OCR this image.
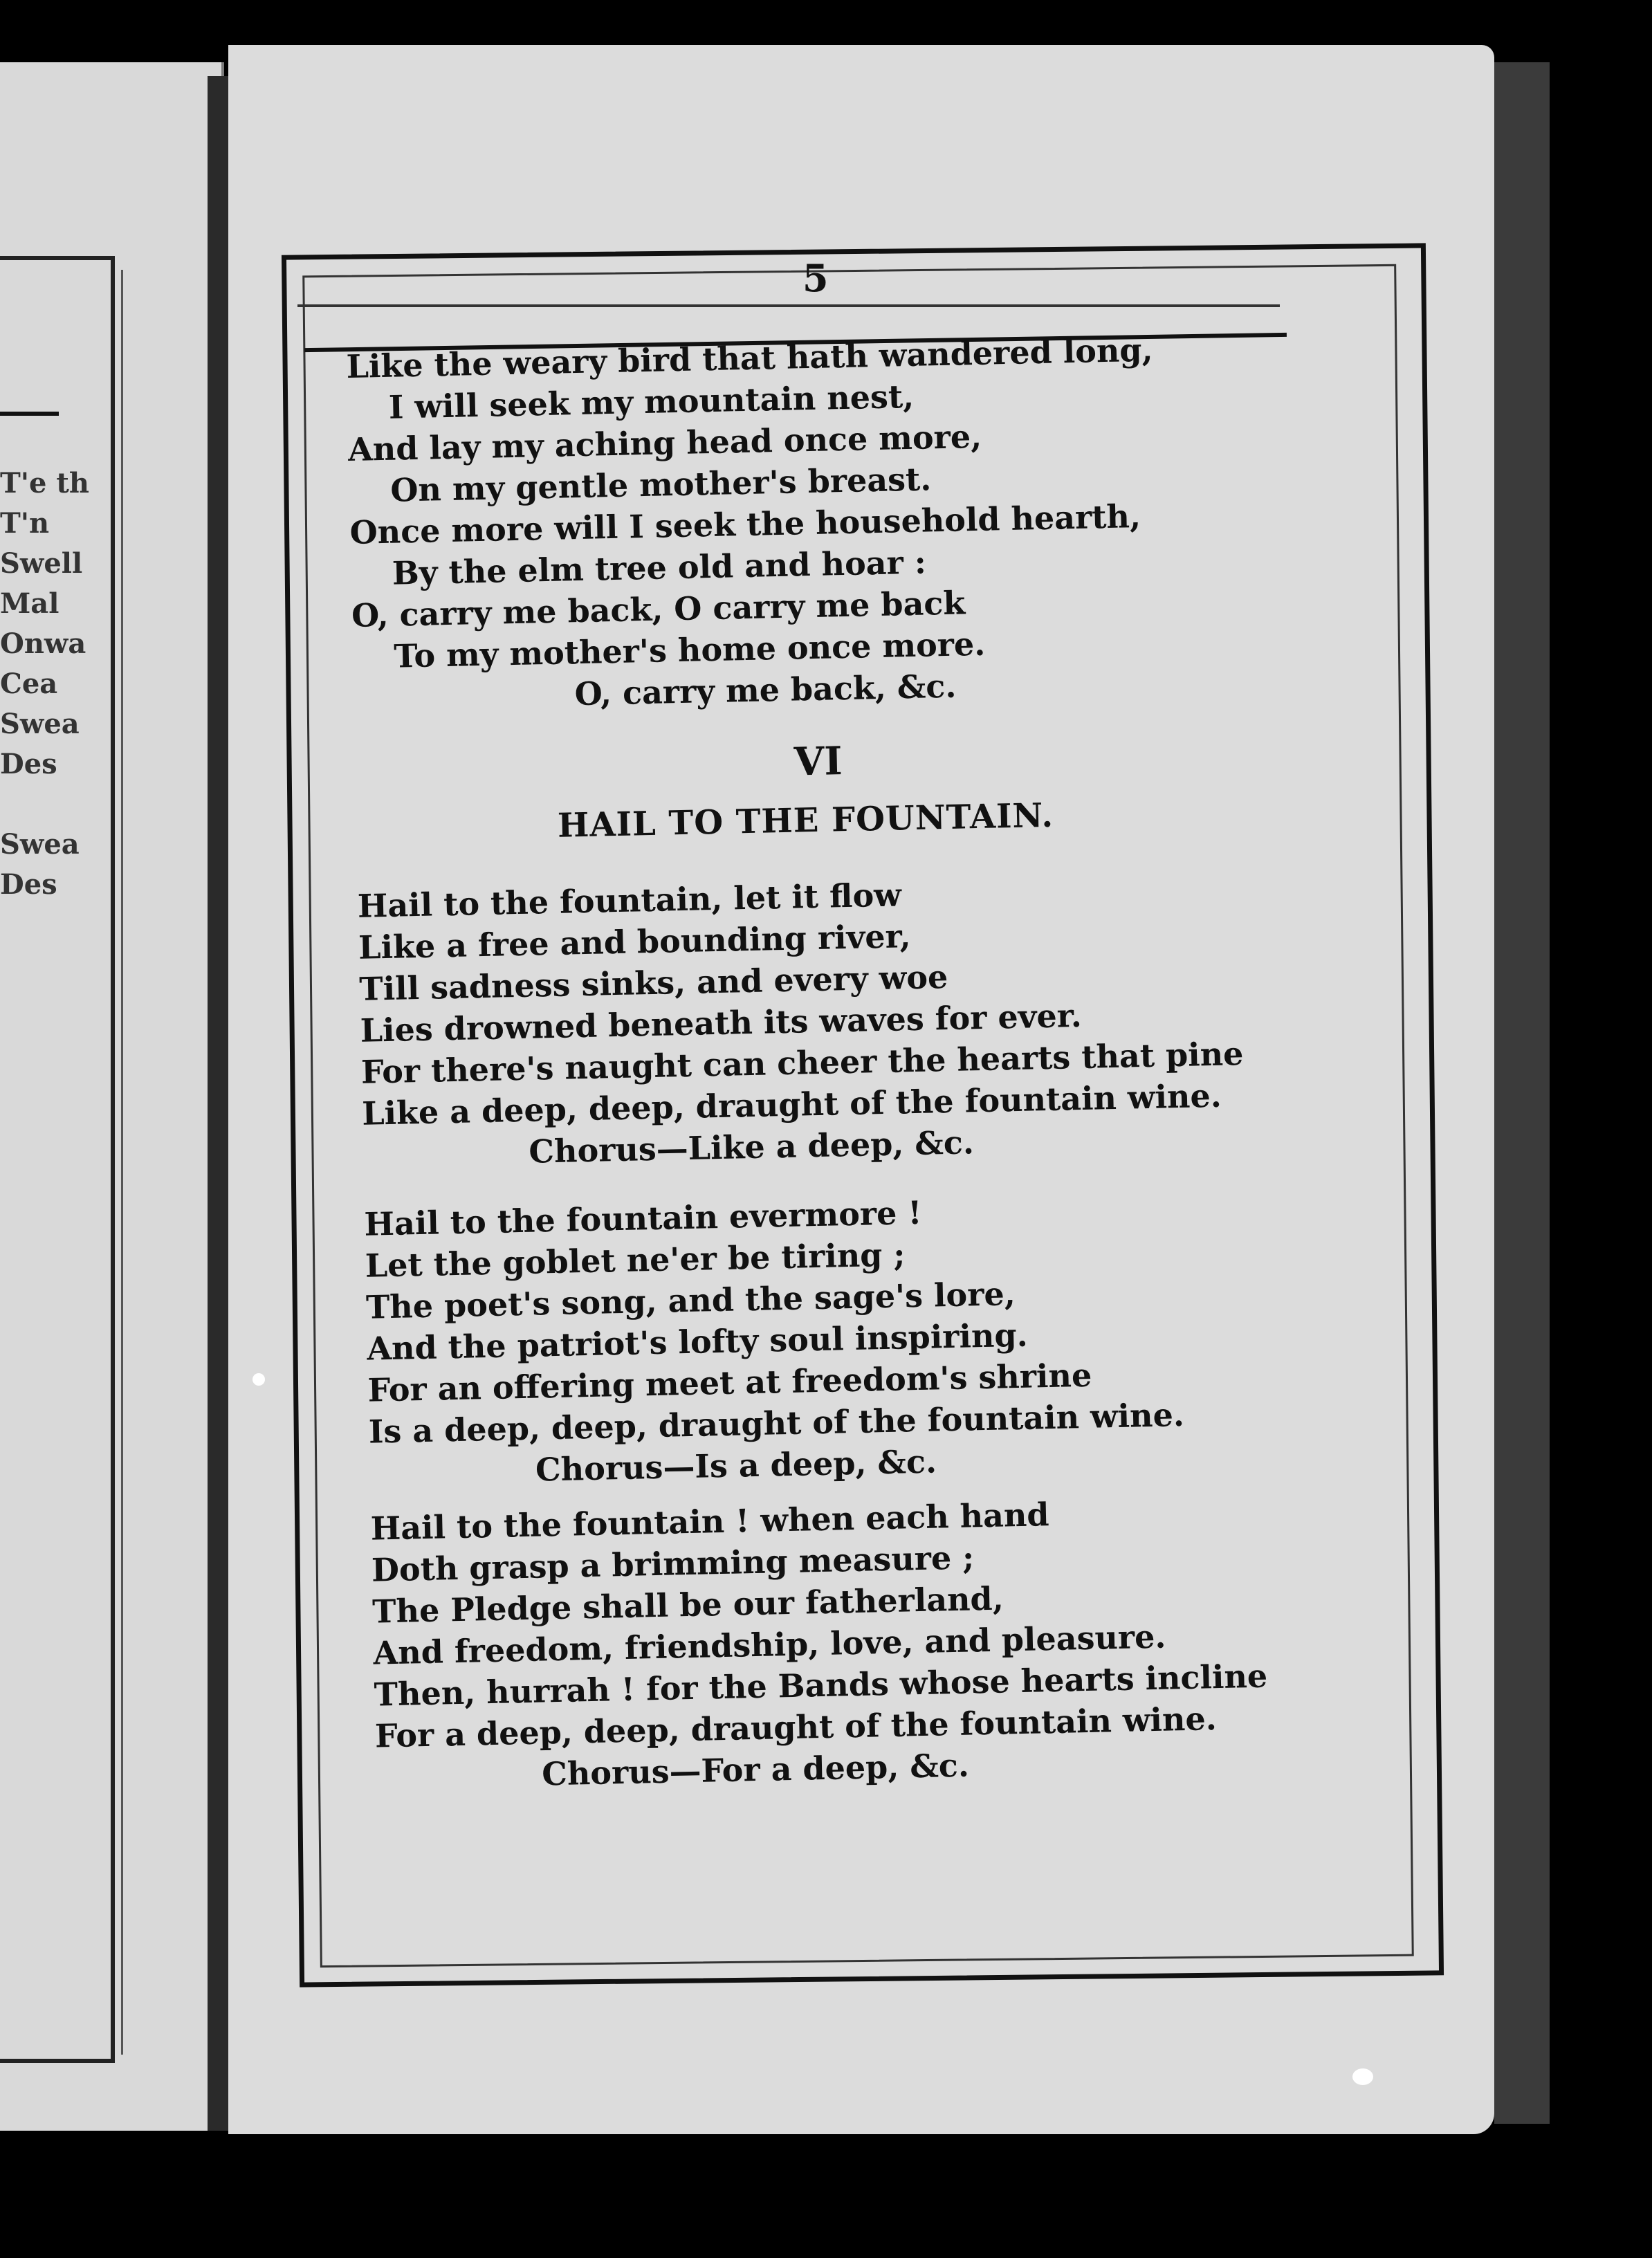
T'e th
T'n
Swell
Mal
Onwa
Cea
Swea
Des
Swea
Des
5
Like the weary bird that hath wandered long,
I will seek my mountain nest,
And lay my aching head once more,
On my gentle mother's breast.
Once more will I seek the household hearth,
By the elm tree old and hoar :
O, carry me back, O carry me back
To my mother's home once more.
O, carry me back, &c.
VI
HAIL TO THE FOUNTAIN.
Hail to the fountain, let it flow
Like a free and bounding river,
Till sadness sinks, and every woe
Lies drowned beneath its waves for ever.
For there's naught can cheer the hearts that pine
Like a deep, deep, draught of the fountain wine.
Chorus—Like a deep, &c.
Hail to the fountain evermore !
Let the goblet ne'er be tiring ;
The poet's song, and the sage's lore,
And the patriot's lofty soul inspiring.
For an offering meet at freedom's shrine
Is a deep, deep, draught of the fountain wine.
Chorus—Is a deep, &c.
Hail to the fountain ! when each hand
Doth grasp a brimming measure ;
The Pledge shall be our fatherland,
And freedom, friendship, love, and pleasure.
Then, hurrah ! for the Bands whose hearts incline
For a deep, deep, draught of the fountain wine.
Chorus—For a deep, &c.
